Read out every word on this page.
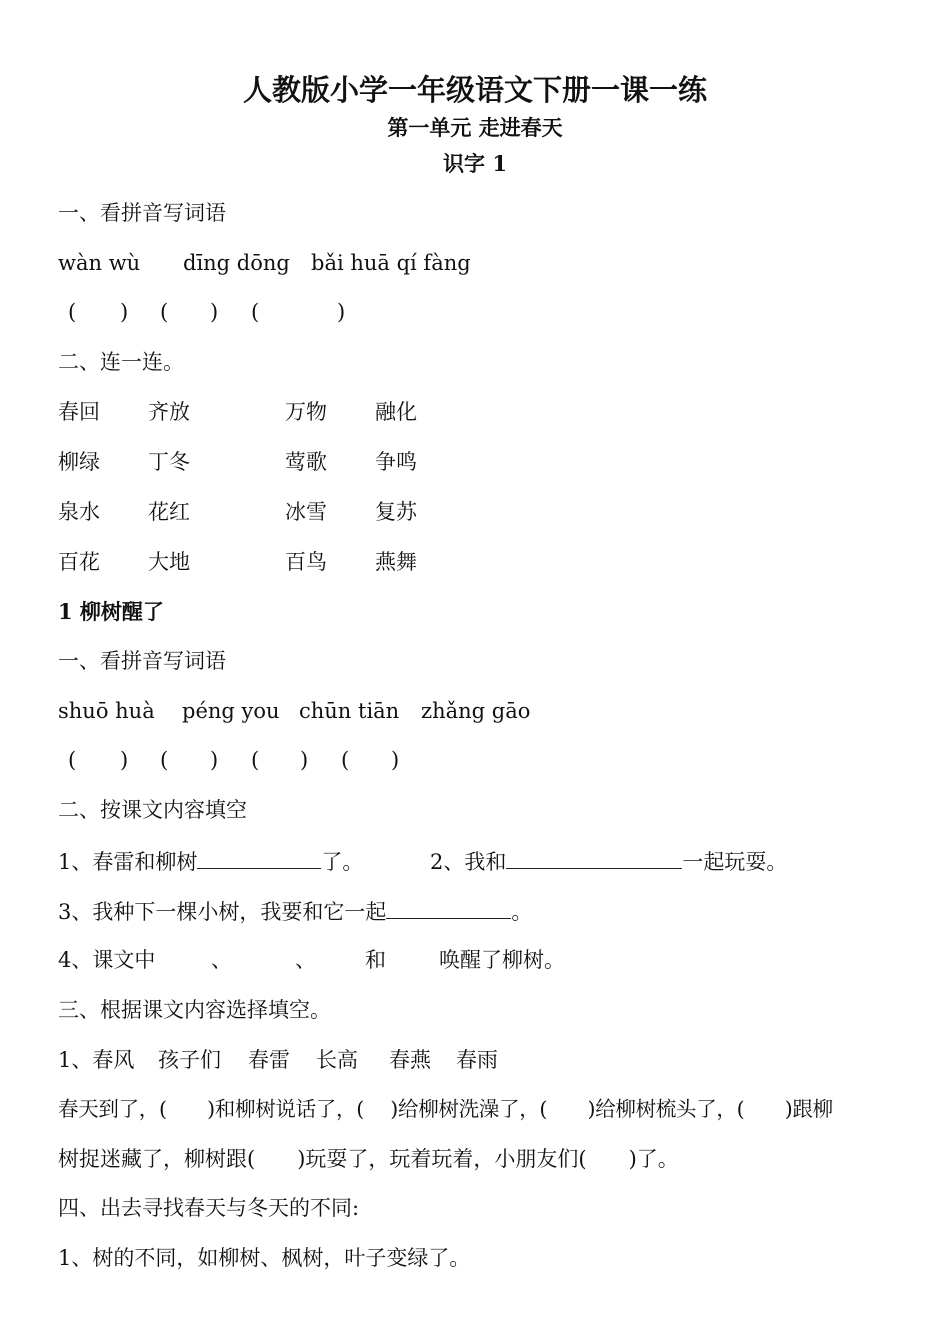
人教版小学一年级语文下册一课一练
第一单元 走进春天
识字 1
一、看拼音写词语
wàn wù dīng dōng bǎi huā qí fàng
( ) ( ) (	)
二、连一连。
春回 齐放	万物 融化
柳绿 丁冬	莺歌 争鸣
泉水 花红	冰雪 复苏
百花 大地	百鸟 燕舞
1 柳树醒了
一、看拼音写词语
shuō huà péng you chūn tiān zhǎng gāo
( ) ( ) ( ) ( )
二、按课文内容填空
1、春雷和柳树	了。	2、我和	一起玩耍。
3、我种下一棵小树，我要和它一起	。
4、课文中	、	、 和	唤醒了柳树。
三、根据课文内容选择填空。
1、春风 孩子们 春雷 长高 春燕 春雨
春天到了，(　　)和柳树说话了，(　 )给柳树洗澡了，(　　)给柳树梳头了，(　　)跟柳
树捉迷藏了，柳树跟(　　)玩耍了，玩着玩着，小朋友们(　　)了。
四、出去寻找春天与冬天的不同:
1、树的不同，如柳树、枫树，叶子变绿了。
